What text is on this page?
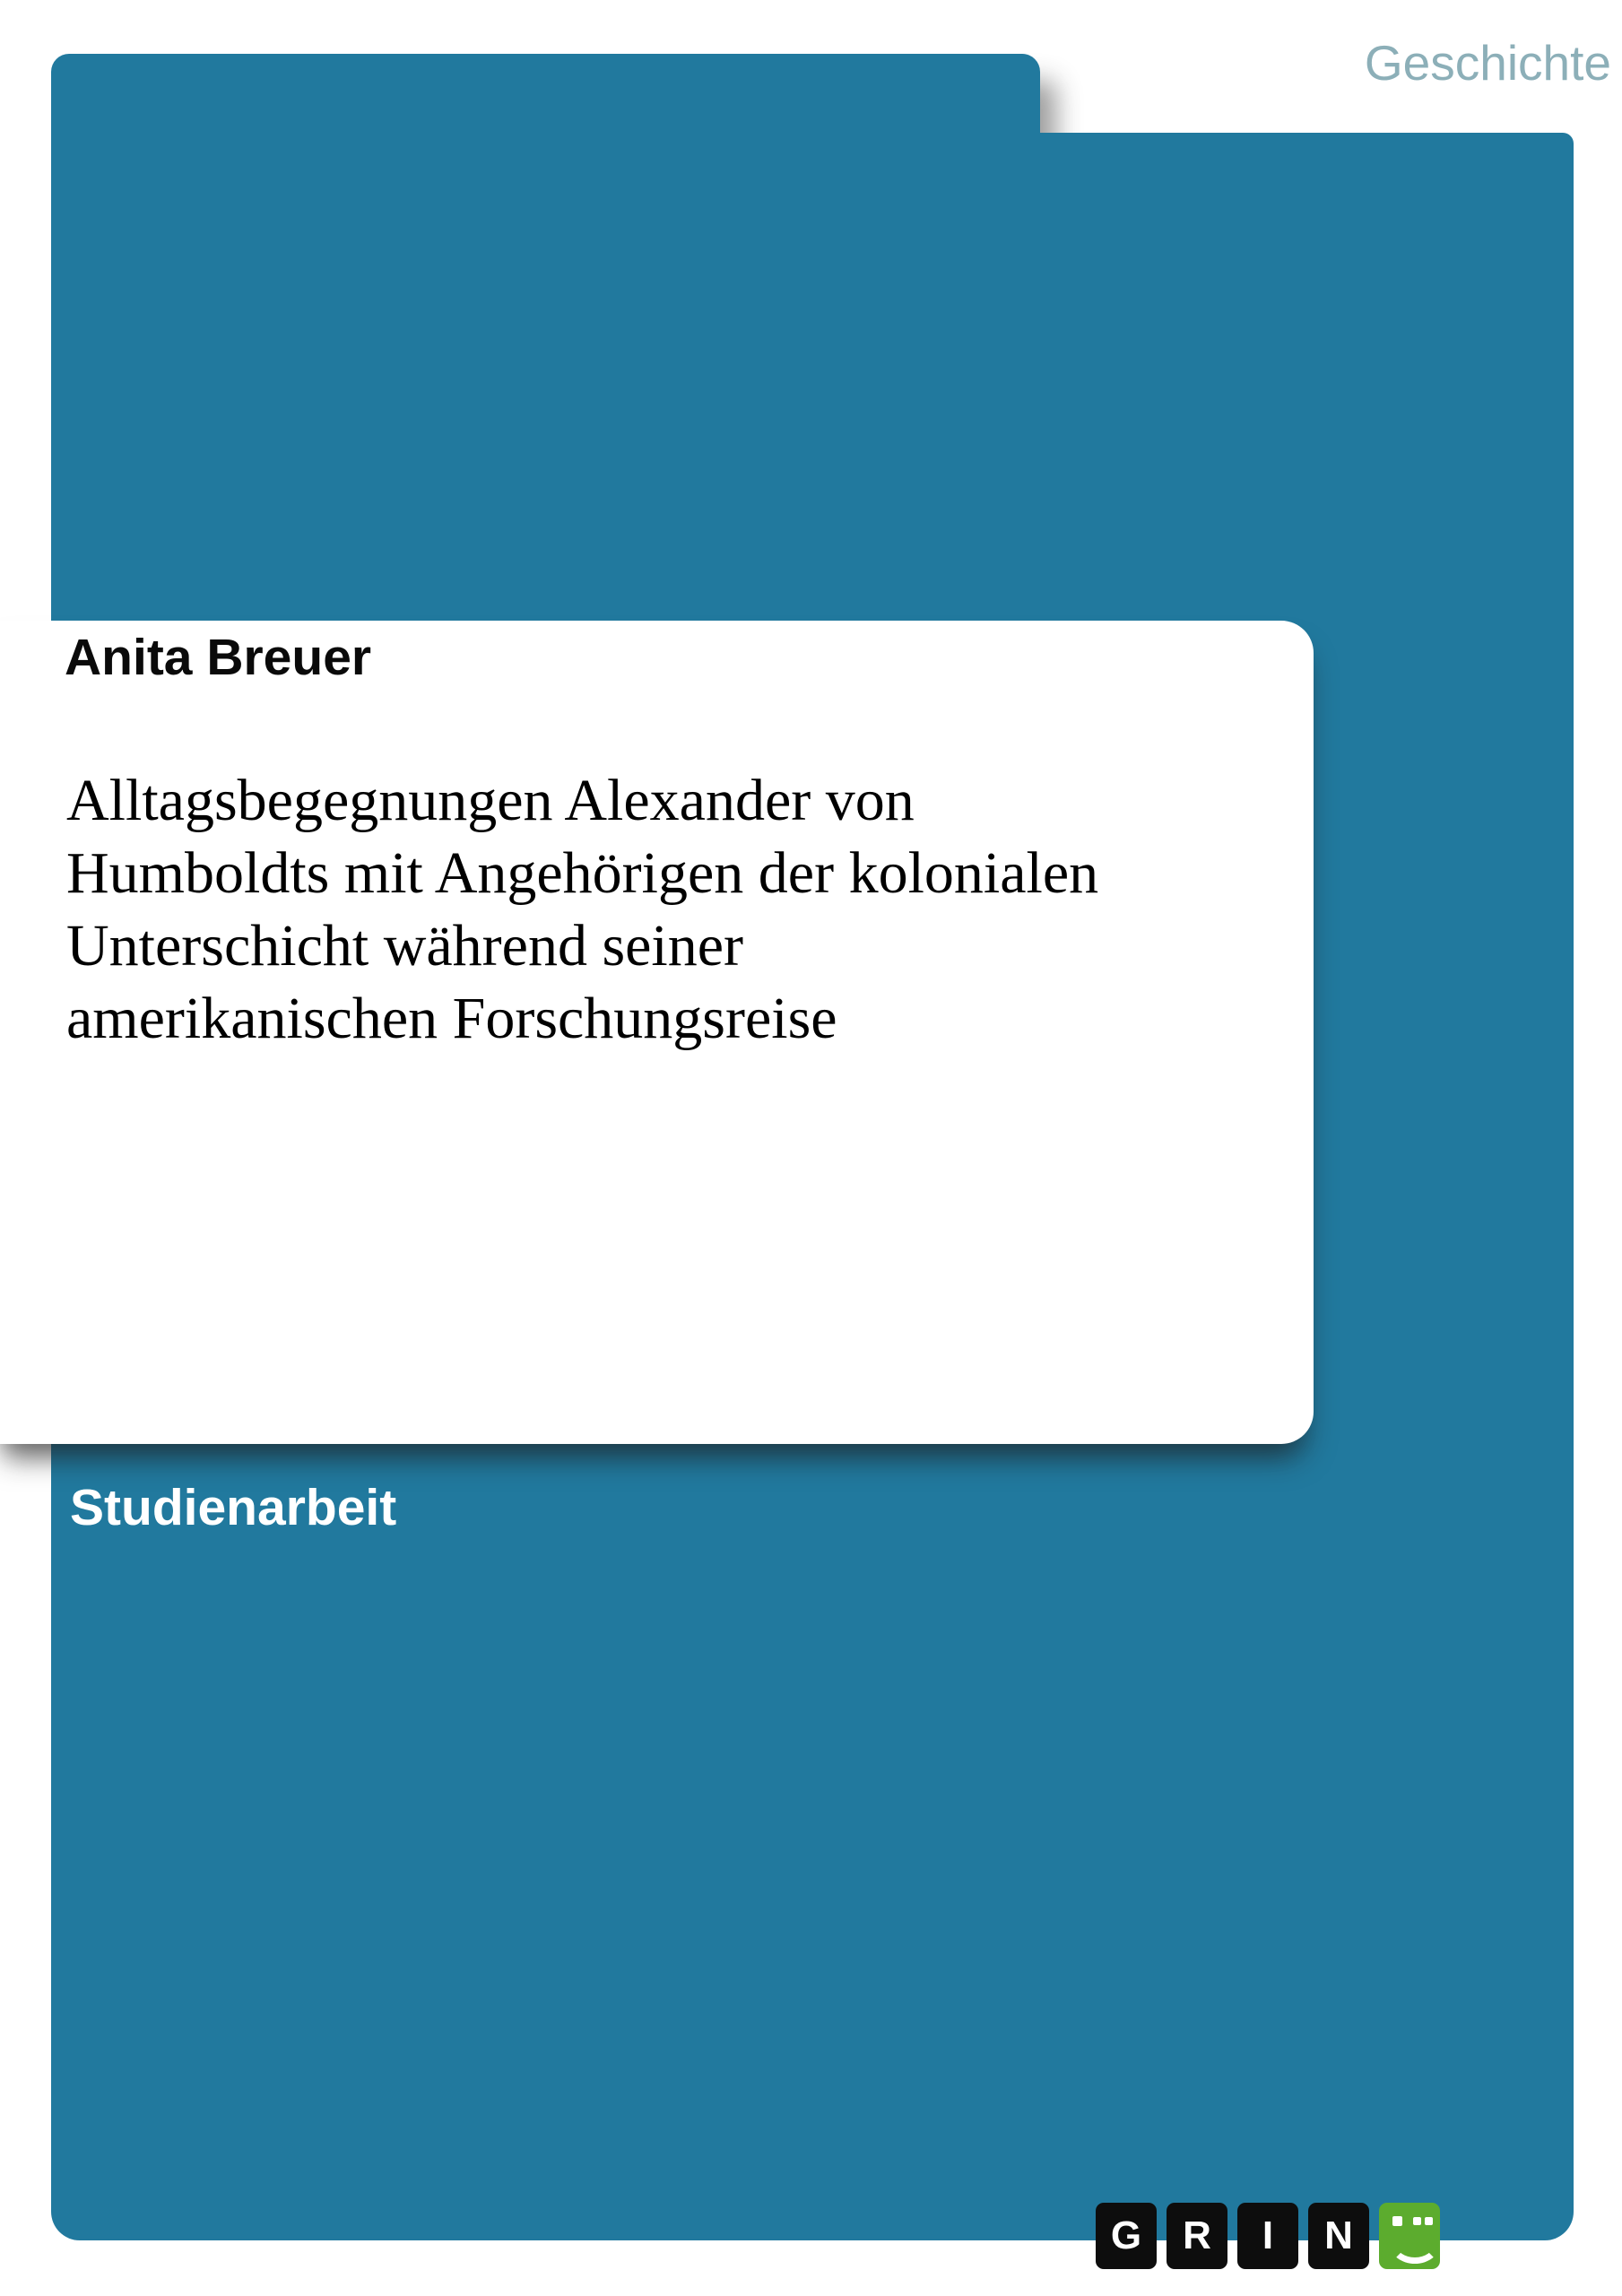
Geschichte
Anita Breuer
Alltagsbegegnungen Alexander von
Humboldts mit Angehörigen der kolonialen
Unterschicht während seiner
amerikanischen Forschungsreise
Studienarbeit
G	R	I	N
